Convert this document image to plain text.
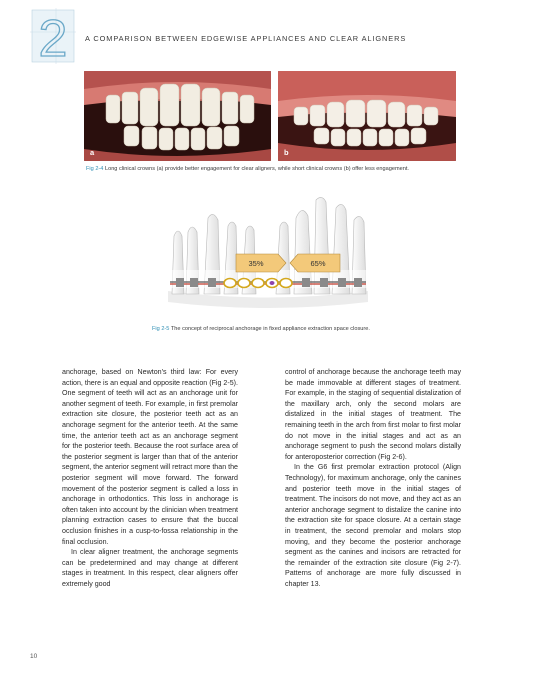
2 A COMPARISON BETWEEN EDGEWISE APPLIANCES AND CLEAR ALIGNERS
a	b
Fig 2-4 Long clinical crowns (a) provide better engagement for clear aligners, while short clinical crowns (b) offer less engagement.
35%	65%
Fig 2-5 The concept of reciprocal anchorage in fixed appliance extraction space closure.

anchorage, based on Newton's third law: For every action, there is an equal and opposite reaction (Fig 2-5). One segment of teeth will act as an anchorage unit for another segment of teeth. For example, in first premolar extraction site closure, the posterior teeth act as an anchorage segment for the anterior teeth. At the same time, the anterior teeth act as an anchorage segment for the posterior teeth. Because the root surface area of the posterior segment is larger than that of the anterior segment, the anterior segment will retract more than the posterior segment will move forward. The forward movement of the posterior segment is called a loss in anchorage in orthodontics. This loss in anchorage is often taken into account by the clinician when treatment planning extraction cases to ensure that the buccal occlusion finishes in a cusp-to-fossa relationship in the final occlusion.

In clear aligner treatment, the anchorage segments can be predetermined and may change at different stages in treatment. In this respect, clear aligners offer extremely good

control of anchorage because the anchorage teeth may be made immovable at different stages of treatment. For example, in the staging of sequential distalization of the maxillary arch, only the second molars are distalized in the initial stages of treatment. The remaining teeth in the arch from first molar to first molar do not move in the initial stages and act as an anchorage segment to push the second molars distally for anteroposterior correction (Fig 2-6).

In the G6 first premolar extraction protocol (Align Technology), for maximum anchorage, only the canines and posterior teeth move in the initial stages of treatment. The incisors do not move, and they act as an anterior anchorage segment to distalize the canine into the extraction site for space closure. At a certain stage in treatment, the second premolar and molars stop moving, and they become the posterior anchorage segment as the canines and incisors are retracted for the remainder of the extraction site closure (Fig 2-7). Patterns of anchorage are more fully discussed in chapter 13.

10
